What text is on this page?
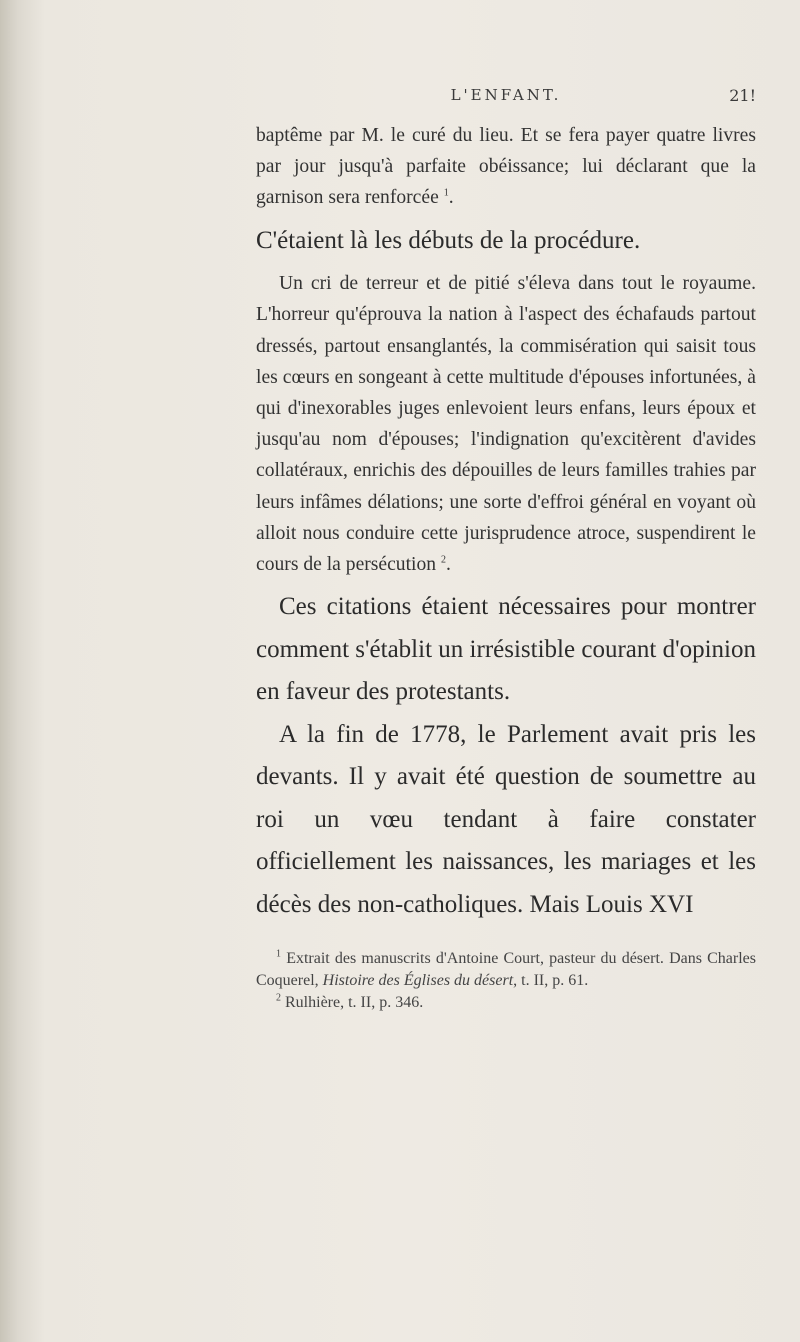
L'ENFANT.	21!

baptême par M. le curé du lieu. Et se fera payer quatre livres par jour jusqu'à parfaite obéissance; lui déclarant que la garnison sera renforcée $^1$.

C'étaient là les débuts de la procédure.

Un cri de terreur et de pitié s'éleva dans tout le royaume. L'horreur qu'éprouva la nation à l'aspect des échafauds partout dressés, partout ensanglantés, la commisération qui saisit tous les cœurs en songeant à cette multitude d'épouses infortunées, à qui d'inexorables juges enlevoient leurs enfans, leurs époux et jusqu'au nom d'épouses; l'indignation qu'excitèrent d'avides collatéraux, enrichis des dépouilles de leurs familles trahies par leurs infâmes délations; une sorte d'effroi général en voyant où alloit nous conduire cette jurisprudence atroce, suspendirent le cours de la persécution $^2$.

Ces citations étaient nécessaires pour montrer comment s'établit un irrésistible courant d'opinion en faveur des protestants.

A la fin de 1778, le Parlement avait pris les devants. Il y avait été question de soumettre au roi un vœu tendant à faire constater officiellement les naissances, les mariages et les décès des non-catholiques. Mais Louis XVI

$^1$ Extrait des manuscrits d'Antoine Court, pasteur du désert. Dans Charles Coquerel, Histoire des Églises du désert, t. II, p. 61.

$^2$ Rulhière, t. II, p. 346.
